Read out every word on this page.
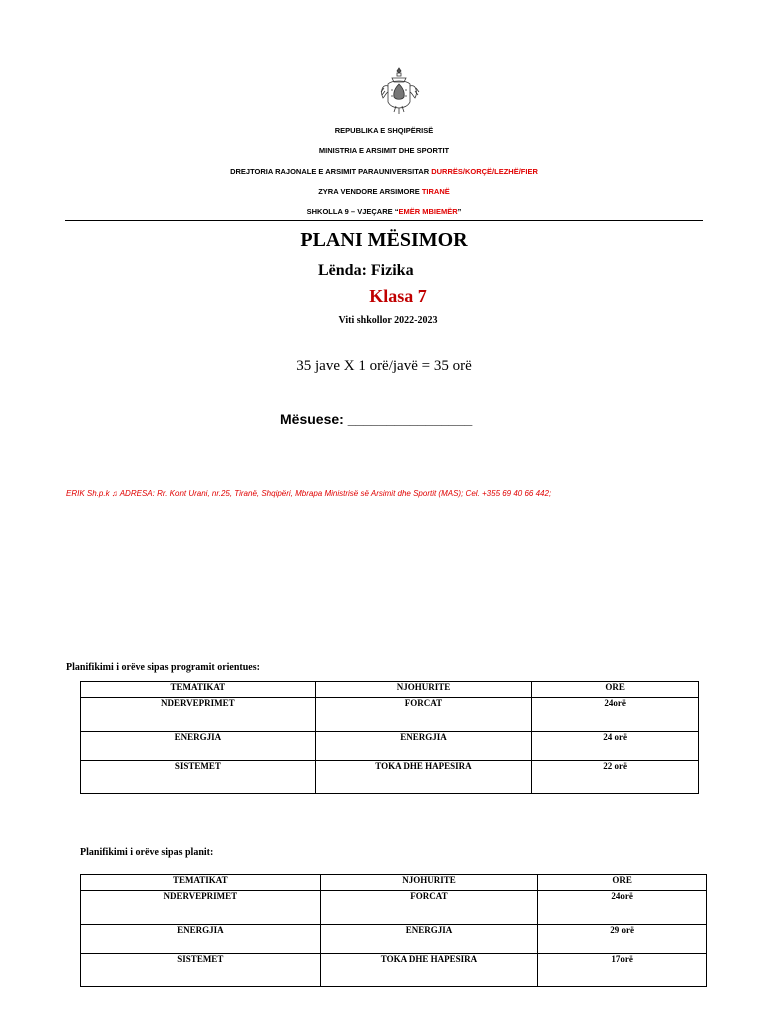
REPUBLIKA E SHQIPËRISË
MINISTRIA E ARSIMIT DHE SPORTIT
DREJTORIA RAJONALE E ARSIMIT PARAUNIVERSITAR DURRËS/KORÇË/LEZHË/FIER
ZYRA VENDORE ARSIMORE TIRANË
SHKOLLA 9 – VJEÇARE “EMËR MBIEMËR”
PLANI MËSIMOR
Lënda: Fizika
Klasa 7
Viti shkollor 2022-2023
35 jave X 1 orë/javë = 35 orë
Mësuese: ________________
ERIK Sh.p.k ♫ ADRESA: Rr. Kont Urani, nr.25, Tiranë, Shqipëri, Mbrapa Ministrisë së Arsimit dhe Sportit (MAS); Cel. +355 69 40 66 442;
Planifikimi i orëve sipas programit orientues:
TEMATIKAT	NJOHURITE	ORE
NDERVEPRIMET	FORCAT	24orë
ENERGJIA	ENERGJIA	24 orë
SISTEMET	TOKA DHE HAPESIRA	22 orë
Planifikimi i orëve sipas planit:
TEMATIKAT	NJOHURITE	ORE
NDERVEPRIMET	FORCAT	24orë
ENERGJIA	ENERGJIA	29 orë
SISTEMET	TOKA DHE HAPESIRA	17orë
